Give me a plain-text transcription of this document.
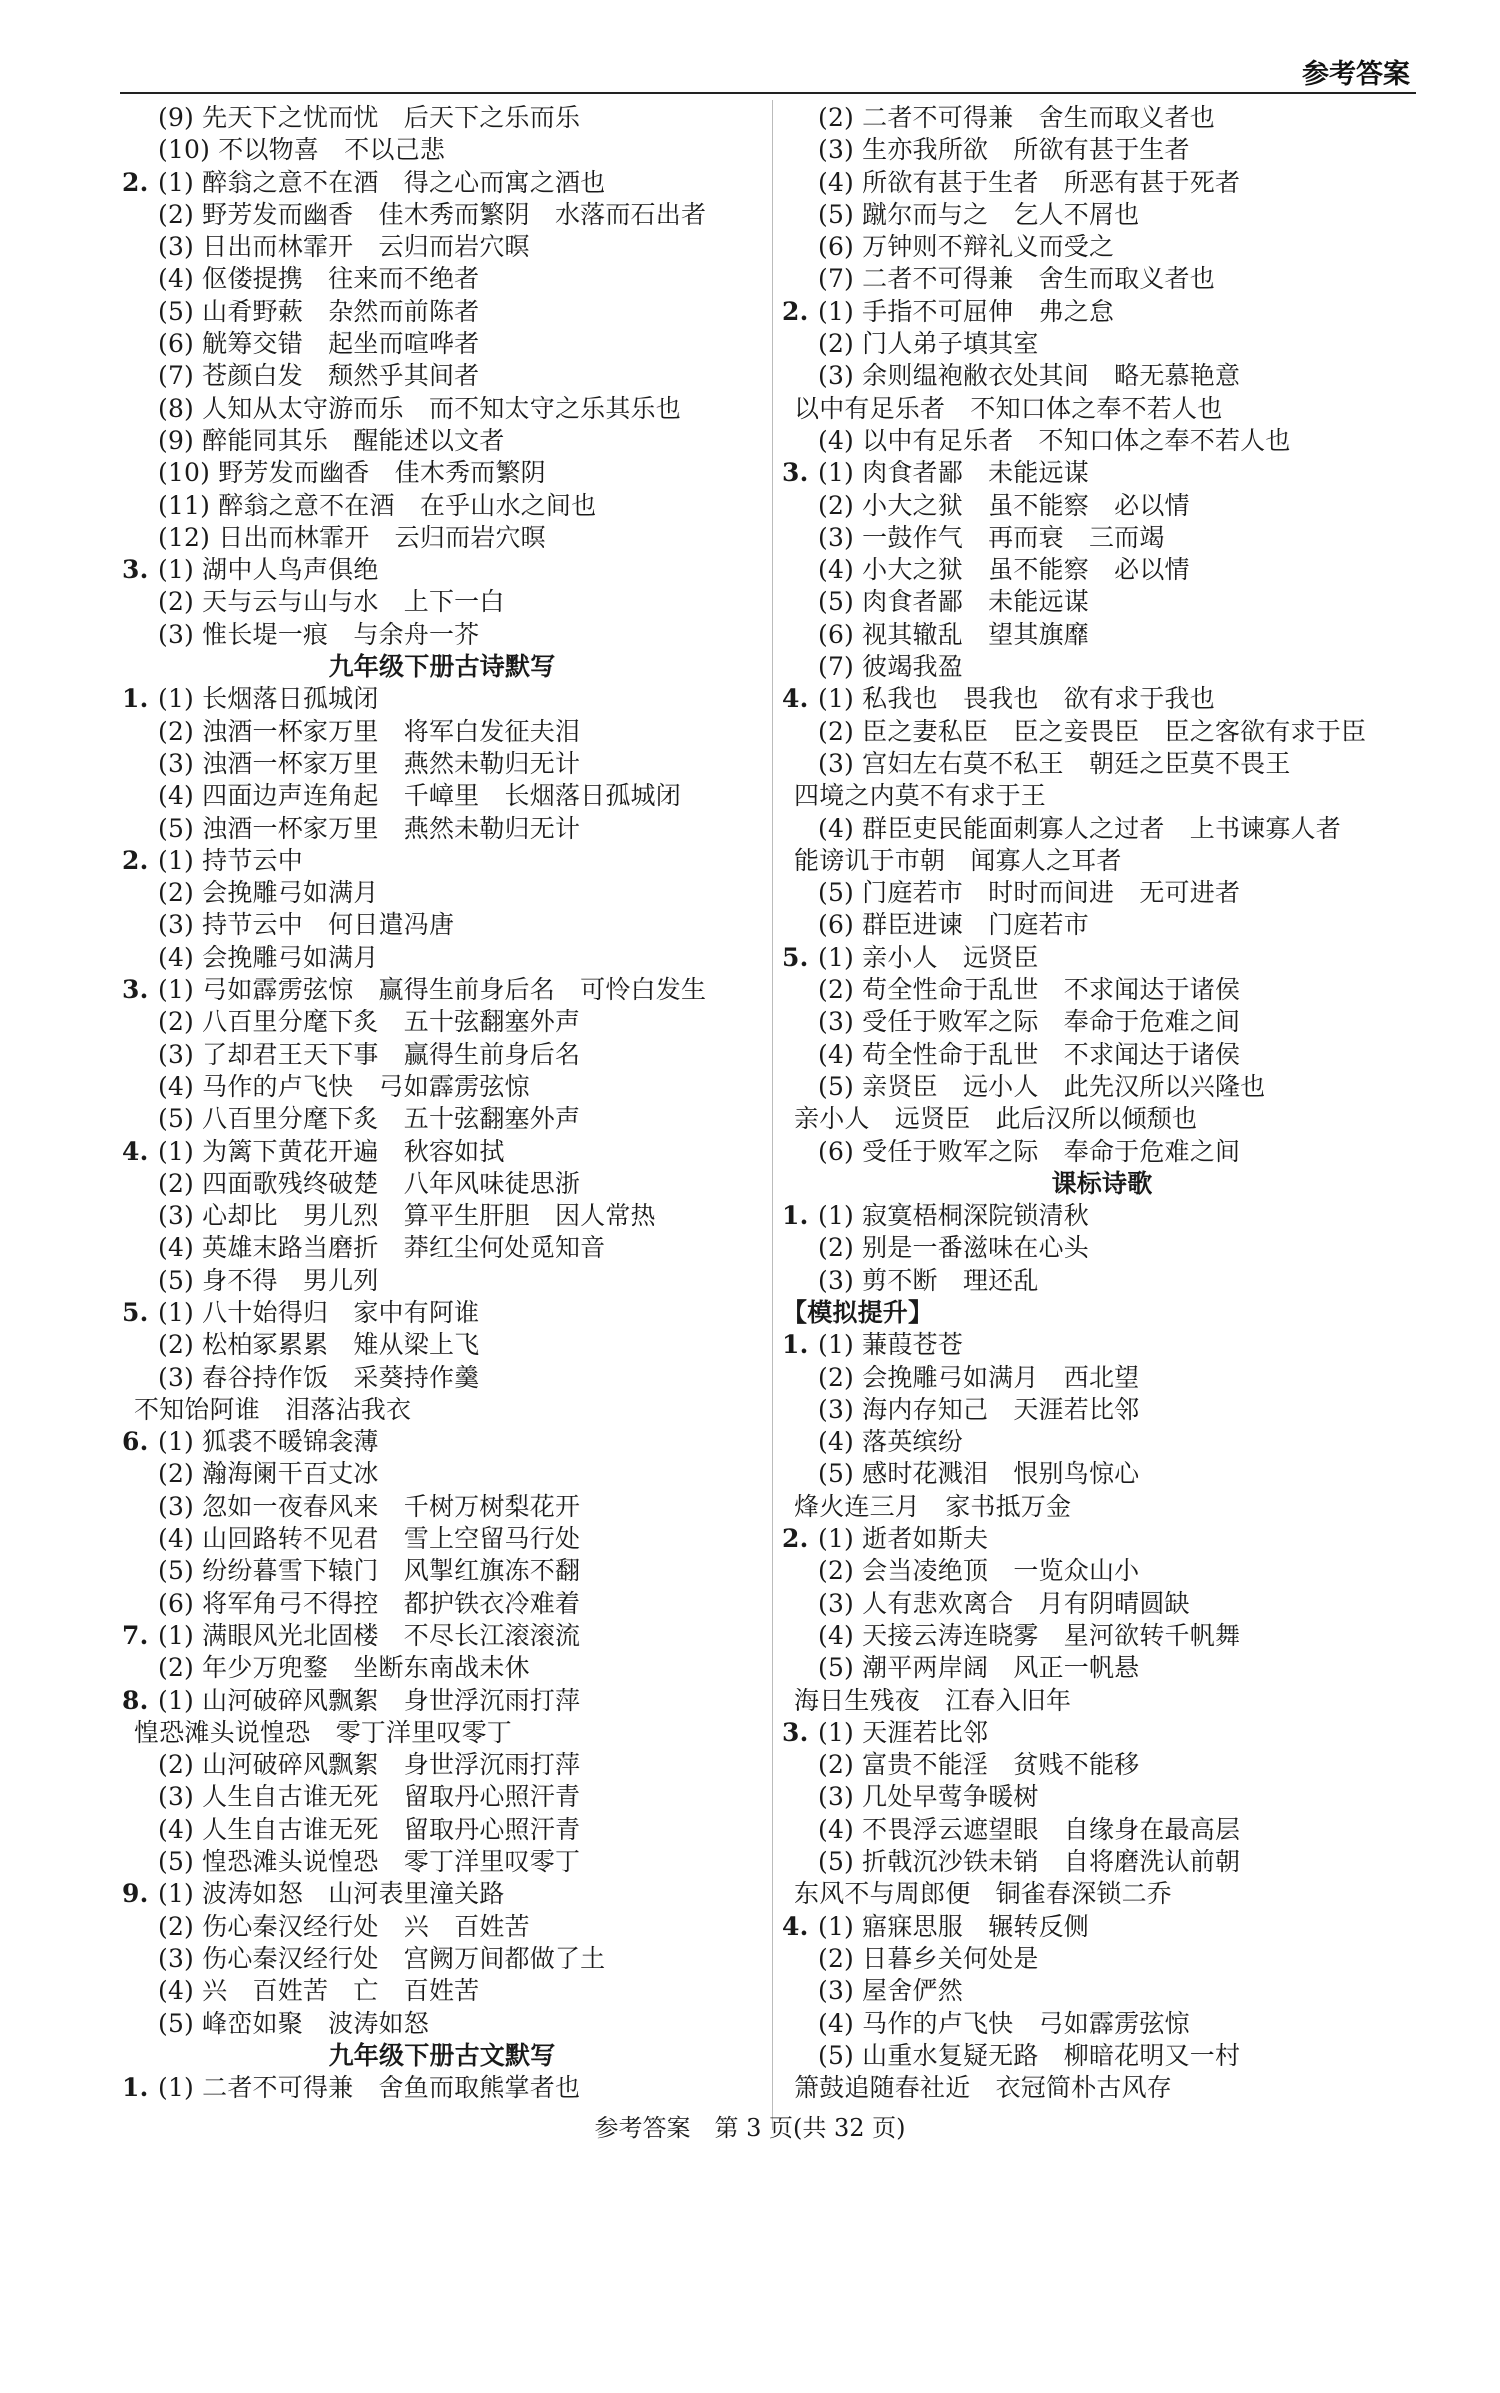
参考答案
(9) 先天下之忧而忧　后天下之乐而乐
(10) 不以物喜　不以己悲
2. (1) 醉翁之意不在酒　得之心而寓之酒也
(2) 野芳发而幽香　佳木秀而繁阴　水落而石出者
(3) 日出而林霏开　云归而岩穴暝
(4) 伛偻提携　往来而不绝者
(5) 山肴野蔌　杂然而前陈者
(6) 觥筹交错　起坐而喧哗者
(7) 苍颜白发　颓然乎其间者
(8) 人知从太守游而乐　而不知太守之乐其乐也
(9) 醉能同其乐　醒能述以文者
(10) 野芳发而幽香　佳木秀而繁阴
(11) 醉翁之意不在酒　在乎山水之间也
(12) 日出而林霏开　云归而岩穴暝
3. (1) 湖中人鸟声俱绝
(2) 天与云与山与水　上下一白
(3) 惟长堤一痕　与余舟一芥
九年级下册古诗默写
1. (1) 长烟落日孤城闭
(2) 浊酒一杯家万里　将军白发征夫泪
(3) 浊酒一杯家万里　燕然未勒归无计
(4) 四面边声连角起　千嶂里　长烟落日孤城闭
(5) 浊酒一杯家万里　燕然未勒归无计
2. (1) 持节云中
(2) 会挽雕弓如满月
(3) 持节云中　何日遣冯唐
(4) 会挽雕弓如满月
3. (1) 弓如霹雳弦惊　赢得生前身后名　可怜白发生
(2) 八百里分麾下炙　五十弦翻塞外声
(3) 了却君王天下事　赢得生前身后名
(4) 马作的卢飞快　弓如霹雳弦惊
(5) 八百里分麾下炙　五十弦翻塞外声
4. (1) 为篱下黄花开遍　秋容如拭
(2) 四面歌残终破楚　八年风味徒思浙
(3) 心却比　男儿烈　算平生肝胆　因人常热
(4) 英雄末路当磨折　莽红尘何处觅知音
(5) 身不得　男儿列
5. (1) 八十始得归　家中有阿谁
(2) 松柏冢累累　雉从梁上飞
(3) 舂谷持作饭　采葵持作羹
不知饴阿谁　泪落沾我衣
6. (1) 狐裘不暖锦衾薄
(2) 瀚海阑干百丈冰
(3) 忽如一夜春风来　千树万树梨花开
(4) 山回路转不见君　雪上空留马行处
(5) 纷纷暮雪下辕门　风掣红旗冻不翻
(6) 将军角弓不得控　都护铁衣冷难着
7. (1) 满眼风光北固楼　不尽长江滚滚流
(2) 年少万兜鍪　坐断东南战未休
8. (1) 山河破碎风飘絮　身世浮沉雨打萍
惶恐滩头说惶恐　零丁洋里叹零丁
(2) 山河破碎风飘絮　身世浮沉雨打萍
(3) 人生自古谁无死　留取丹心照汗青
(4) 人生自古谁无死　留取丹心照汗青
(5) 惶恐滩头说惶恐　零丁洋里叹零丁
9. (1) 波涛如怒　山河表里潼关路
(2) 伤心秦汉经行处　兴　百姓苦
(3) 伤心秦汉经行处　宫阙万间都做了土
(4) 兴　百姓苦　亡　百姓苦
(5) 峰峦如聚　波涛如怒
九年级下册古文默写
1. (1) 二者不可得兼　舍鱼而取熊掌者也
(2) 二者不可得兼　舍生而取义者也
(3) 生亦我所欲　所欲有甚于生者
(4) 所欲有甚于生者　所恶有甚于死者
(5) 蹴尔而与之　乞人不屑也
(6) 万钟则不辩礼义而受之
(7) 二者不可得兼　舍生而取义者也
2. (1) 手指不可屈伸　弗之怠
(2) 门人弟子填其室
(3) 余则缊袍敝衣处其间　略无慕艳意
以中有足乐者　不知口体之奉不若人也
(4) 以中有足乐者　不知口体之奉不若人也
3. (1) 肉食者鄙　未能远谋
(2) 小大之狱　虽不能察　必以情
(3) 一鼓作气　再而衰　三而竭
(4) 小大之狱　虽不能察　必以情
(5) 肉食者鄙　未能远谋
(6) 视其辙乱　望其旗靡
(7) 彼竭我盈
4. (1) 私我也　畏我也　欲有求于我也
(2) 臣之妻私臣　臣之妾畏臣　臣之客欲有求于臣
(3) 宫妇左右莫不私王　朝廷之臣莫不畏王
四境之内莫不有求于王
(4) 群臣吏民能面刺寡人之过者　上书谏寡人者
能谤讥于市朝　闻寡人之耳者
(5) 门庭若市　时时而间进　无可进者
(6) 群臣进谏　门庭若市
5. (1) 亲小人　远贤臣
(2) 苟全性命于乱世　不求闻达于诸侯
(3) 受任于败军之际　奉命于危难之间
(4) 苟全性命于乱世　不求闻达于诸侯
(5) 亲贤臣　远小人　此先汉所以兴隆也
亲小人　远贤臣　此后汉所以倾颓也
(6) 受任于败军之际　奉命于危难之间
课标诗歌
1. (1) 寂寞梧桐深院锁清秋
(2) 别是一番滋味在心头
(3) 剪不断　理还乱
【模拟提升】
1. (1) 蒹葭苍苍
(2) 会挽雕弓如满月　西北望
(3) 海内存知己　天涯若比邻
(4) 落英缤纷
(5) 感时花溅泪　恨别鸟惊心
烽火连三月　家书抵万金
2. (1) 逝者如斯夫
(2) 会当凌绝顶　一览众山小
(3) 人有悲欢离合　月有阴晴圆缺
(4) 天接云涛连晓雾　星河欲转千帆舞
(5) 潮平两岸阔　风正一帆悬
海日生残夜　江春入旧年
3. (1) 天涯若比邻
(2) 富贵不能淫　贫贱不能移
(3) 几处早莺争暖树
(4) 不畏浮云遮望眼　自缘身在最高层
(5) 折戟沉沙铁未销　自将磨洗认前朝
东风不与周郎便　铜雀春深锁二乔
4. (1) 寤寐思服　辗转反侧
(2) 日暮乡关何处是
(3) 屋舍俨然
(4) 马作的卢飞快　弓如霹雳弦惊
(5) 山重水复疑无路　柳暗花明又一村
箫鼓追随春社近　衣冠简朴古风存
参考答案　第 3 页(共 32 页)
